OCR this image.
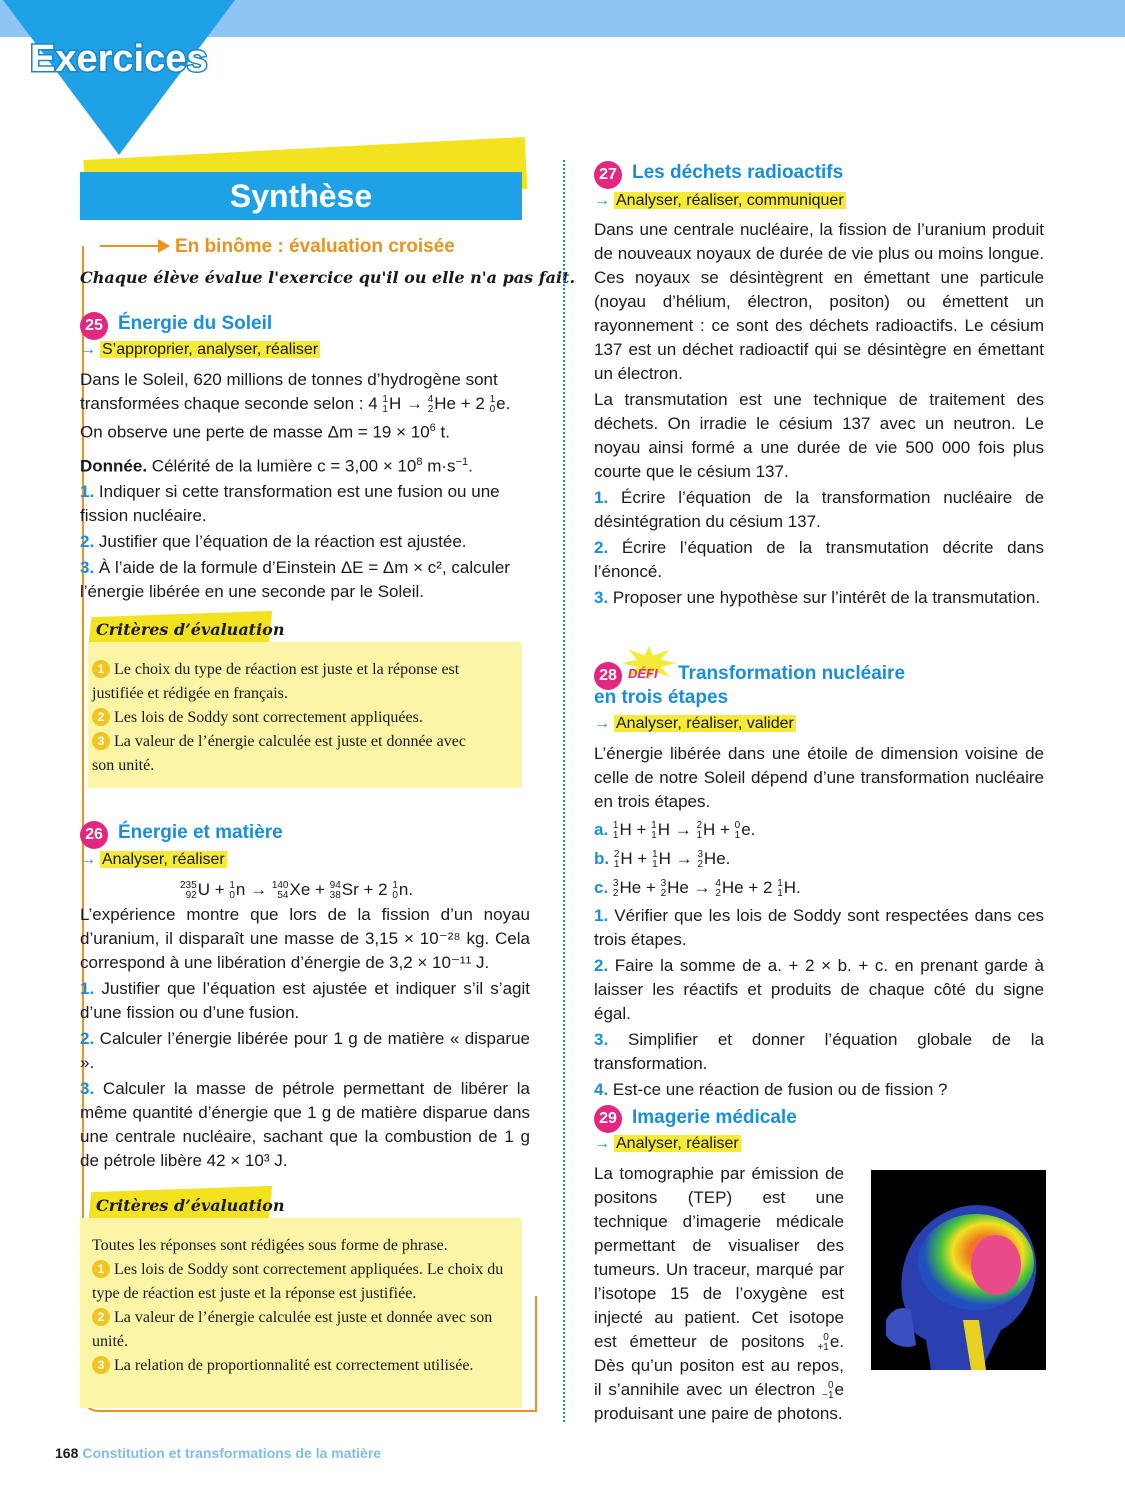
Exercices
Synthèse
En binôme : évaluation croisée
Chaque élève évalue l'exercice qu'il ou elle n'a pas fait.
25 Énergie du Soleil
→ S’approprier, analyser, réaliser
Dans le Soleil, 620 millions de tonnes d’hydrogène sont
transformées chaque seconde selon : 4 1
1 H → 4
2 He + 2 1
0 e.
On observe une perte de masse $\Delta m = 19 \times 10^6$ t.
Donnée. Célérité de la lumière $c = 3,00 \times 10^8$ $m\cdot s^{-1}$.
1. Indiquer si cette transformation est une fusion ou une fission nucléaire.
2. Justifier que l’équation de la réaction est ajustée.
3. À l’aide de la formule d’Einstein ΔE = Δm × c², calculer l’énergie libérée en une seconde par le Soleil.
Critères d’évaluation
1 Le choix du type de réaction est juste et la réponse est justifiée et rédigée en français.
2 Les lois de Soddy sont correctement appliquées.
3 La valeur de l’énergie calculée est juste et donnée avec son unité.
26 Énergie et matière
→ Analyser, réaliser
235
92 U + 1
0 n → 140
54 Xe + 94
38 Sr + 2 1
0 n.
L’expérience montre que lors de la fission d’un noyau d’uranium, il disparaît une masse de 3,15 × 10⁻²⁸ kg. Cela correspond à une libération d’énergie de 3,2 × 10⁻¹¹ J.
1. Justifier que l’équation est ajustée et indiquer s’il s’agit d’une fission ou d’une fusion.
2. Calculer l’énergie libérée pour 1 g de matière « disparue ».
3. Calculer la masse de pétrole permettant de libérer la même quantité d’énergie que 1 g de matière disparue dans une centrale nucléaire, sachant que la combustion de 1 g de pétrole libère 42 × 10³ J.
Critères d’évaluation
Toutes les réponses sont rédigées sous forme de phrase.
1 Les lois de Soddy sont correctement appliquées. Le choix du type de réaction est juste et la réponse est justifiée.
2 La valeur de l’énergie calculée est juste et donnée avec son unité.
3 La relation de proportionnalité est correctement utilisée.
27 Les déchets radioactifs
→ Analyser, réaliser, communiquer
Dans une centrale nucléaire, la fission de l’uranium produit de nouveaux noyaux de durée de vie plus ou moins longue. Ces noyaux se désintègrent en émettant une particule (noyau d’hélium, électron, positon) ou émettent un rayonnement : ce sont des déchets radioactifs. Le césium 137 est un déchet radioactif qui se désintègre en émettant un électron.
La transmutation est une technique de traitement des déchets. On irradie le césium 137 avec un neutron. Le noyau ainsi formé a une durée de vie 500 000 fois plus courte que le césium 137.
1. Écrire l’équation de la transformation nucléaire de désintégration du césium 137.
2. Écrire l’équation de la transmutation décrite dans l’énoncé.
3. Proposer une hypothèse sur l’intérêt de la transmutation.
28 DÉFI Transformation nucléaire
en trois étapes
→ Analyser, réaliser, valider
L’énergie libérée dans une étoile de dimension voisine de celle de notre Soleil dépend d’une transformation nucléaire en trois étapes.
a. 1
1 H + 1
1 H → 2
1 H + 0
1 e.
b. 2
1 H + 1
1 H → 3
2 He.
c. 3
2 He + 3
2 He → 4
2 He + 2 1
1 H.
1. Vérifier que les lois de Soddy sont respectées dans ces trois étapes.
2. Faire la somme de a. + 2 × b. + c. en prenant garde à laisser les réactifs et produits de chaque côté du signe égal.
3. Simplifier et donner l’équation globale de la transformation.
4. Est-ce une réaction de fusion ou de fission ?
29 Imagerie médicale
→ Analyser, réaliser
La tomographie par émission de positons (TEP) est une technique d’imagerie médicale permettant de visualiser des tumeurs. Un traceur, marqué par l’isotope 15 de l’oxygène est injecté au patient. Cet isotope est émetteur de positons	0
+1 e. Dès qu’un positon est au repos, il s’annihile avec un électron	0
−1 e produisant une paire de photons.
168 Constitution et transformations de la matière
